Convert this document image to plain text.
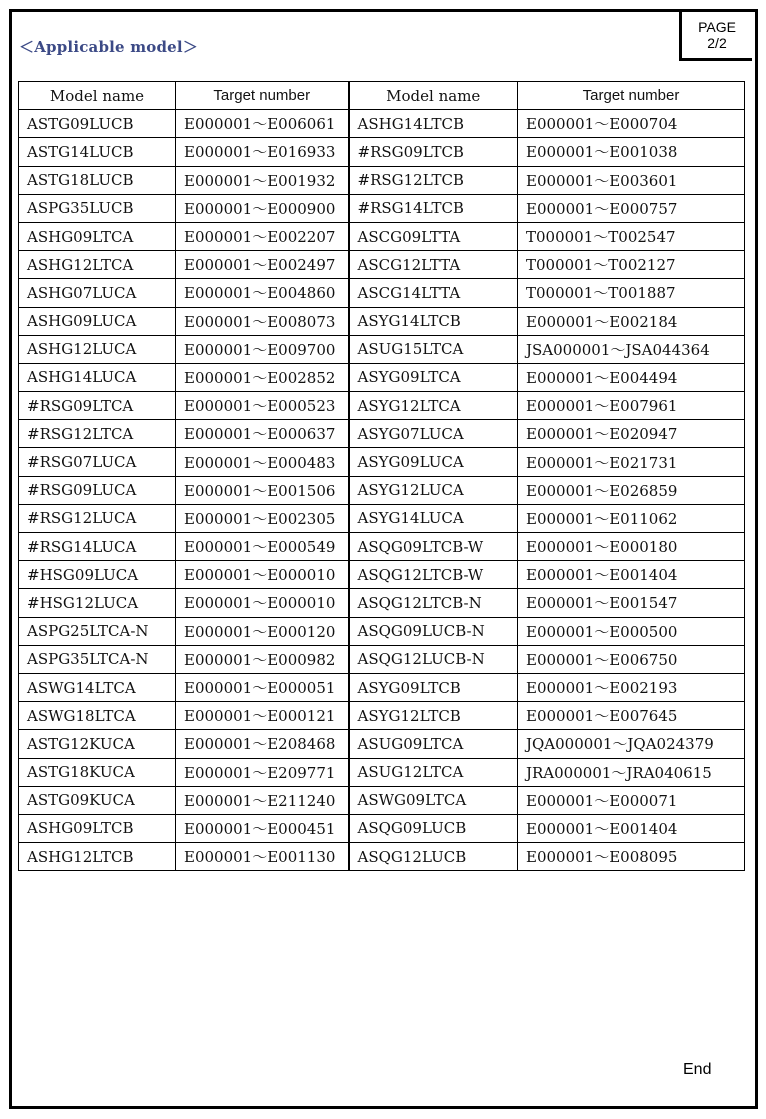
PAGE
2/2
＜Applicable model＞
Model name	Target number	Model name	Target number
ASTG09LUCB	E000001～E006061	ASHG14LTCB	E000001～E000704
ASTG14LUCB	E000001～E016933	#RSG09LTCB	E000001～E001038
ASTG18LUCB	E000001～E001932	#RSG12LTCB	E000001～E003601
ASPG35LUCB	E000001～E000900	#RSG14LTCB	E000001～E000757
ASHG09LTCA	E000001～E002207	ASCG09LTTA	T000001～T002547
ASHG12LTCA	E000001～E002497	ASCG12LTTA	T000001～T002127
ASHG07LUCA	E000001～E004860	ASCG14LTTA	T000001～T001887
ASHG09LUCA	E000001～E008073	ASYG14LTCB	E000001～E002184
ASHG12LUCA	E000001～E009700	ASUG15LTCA	JSA000001～JSA044364
ASHG14LUCA	E000001～E002852	ASYG09LTCA	E000001～E004494
#RSG09LTCA	E000001～E000523	ASYG12LTCA	E000001～E007961
#RSG12LTCA	E000001～E000637	ASYG07LUCA	E000001～E020947
#RSG07LUCA	E000001～E000483	ASYG09LUCA	E000001～E021731
#RSG09LUCA	E000001～E001506	ASYG12LUCA	E000001～E026859
#RSG12LUCA	E000001～E002305	ASYG14LUCA	E000001～E011062
#RSG14LUCA	E000001～E000549	ASQG09LTCB-W	E000001～E000180
#HSG09LUCA	E000001～E000010	ASQG12LTCB-W	E000001～E001404
#HSG12LUCA	E000001～E000010	ASQG12LTCB-N	E000001～E001547
ASPG25LTCA-N	E000001～E000120	ASQG09LUCB-N	E000001～E000500
ASPG35LTCA-N	E000001～E000982	ASQG12LUCB-N	E000001～E006750
ASWG14LTCA	E000001～E000051	ASYG09LTCB	E000001～E002193
ASWG18LTCA	E000001～E000121	ASYG12LTCB	E000001～E007645
ASTG12KUCA	E000001～E208468	ASUG09LTCA	JQA000001～JQA024379
ASTG18KUCA	E000001～E209771	ASUG12LTCA	JRA000001～JRA040615
ASTG09KUCA	E000001～E211240	ASWG09LTCA	E000001～E000071
ASHG09LTCB	E000001～E000451	ASQG09LUCB	E000001～E001404
ASHG12LTCB	E000001～E001130	ASQG12LUCB	E000001～E008095
End
